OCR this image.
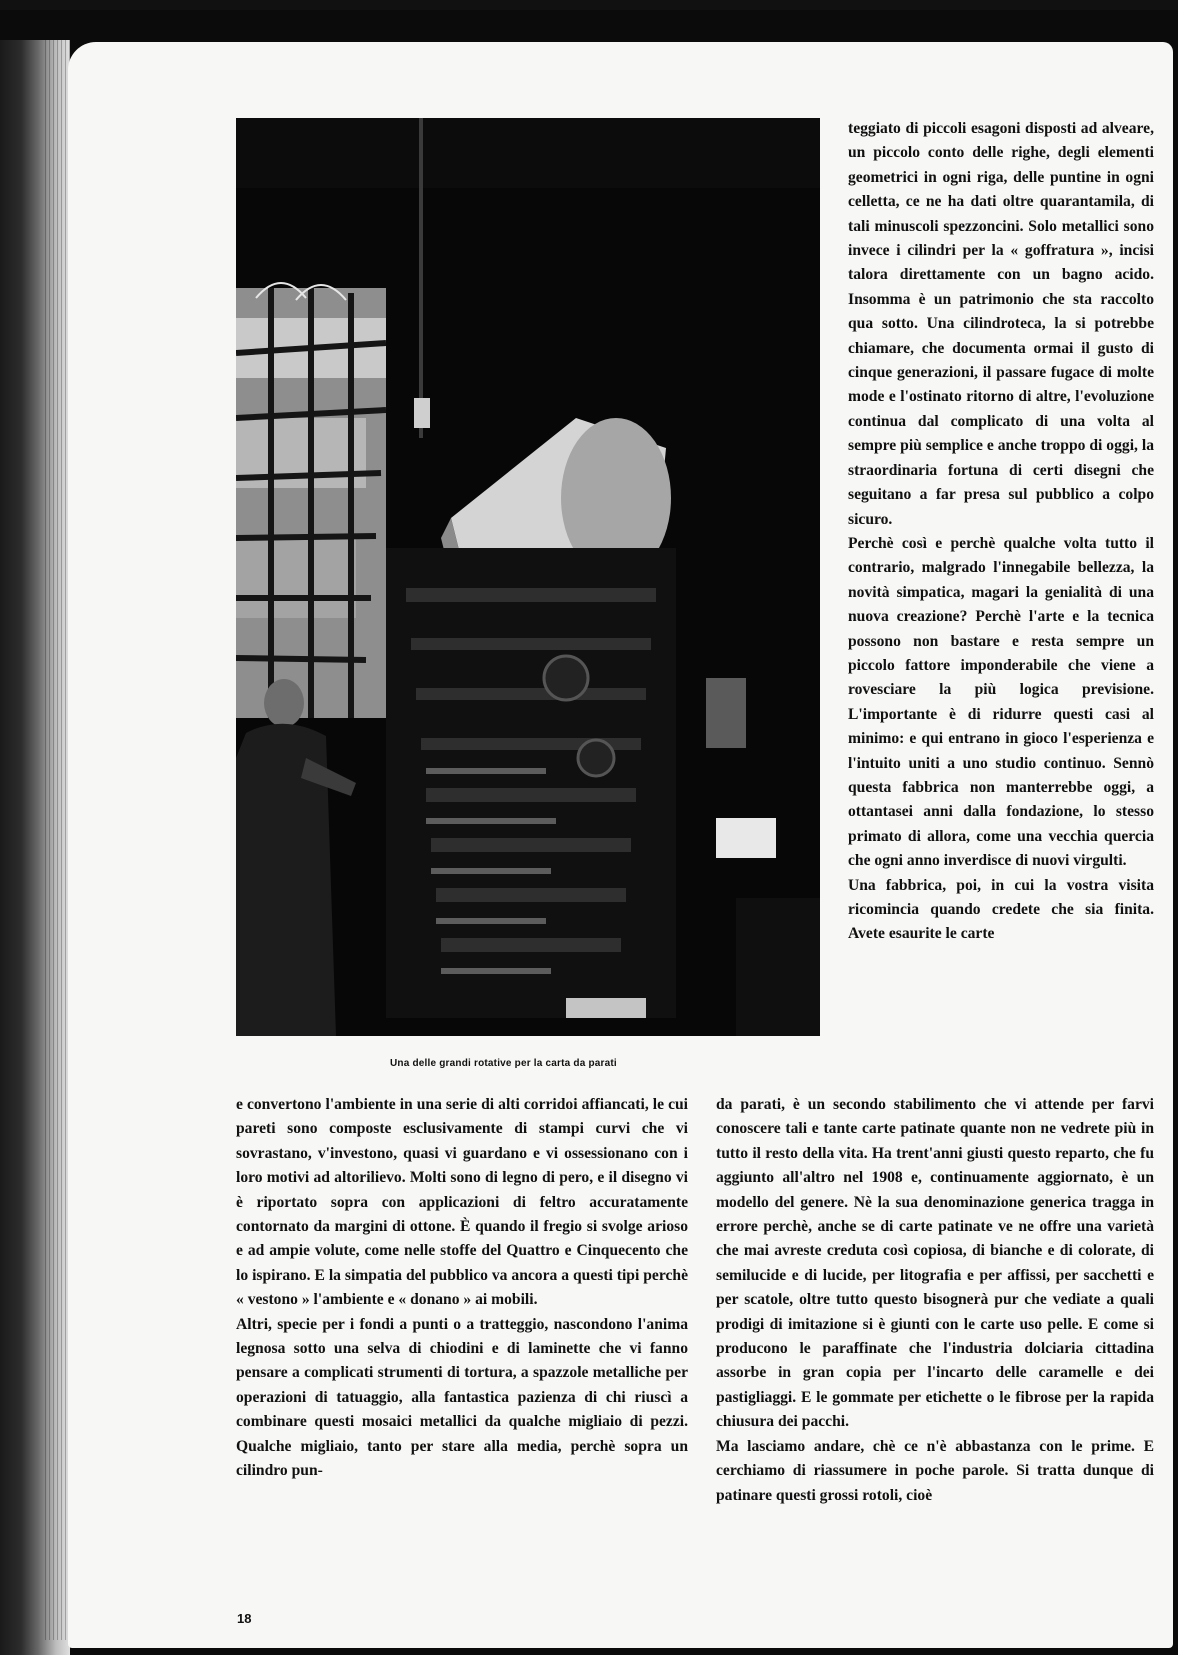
Una delle grandi rotative per la carta da parati

e convertono l'ambiente in una serie di alti corridoi affiancati, le cui pareti sono composte esclusivamente di stampi curvi che vi sovrastano, v'investono, quasi vi guardano e vi ossessionano con i loro motivi ad altorilievo. Molti sono di legno di pero, e il disegno vi è riportato sopra con applicazioni di feltro accuratamente contornato da margini di ottone. È quando il fregio si svolge arioso e ad ampie volute, come nelle stoffe del Quattro e Cinquecento che lo ispirano. E la simpatia del pubblico va ancora a questi tipi perchè « vestono » l'ambiente e « donano » ai mobili.

Altri, specie per i fondi a punti o a tratteggio, nascondono l'anima legnosa sotto una selva di chiodini e di laminette che vi fanno pensare a complicati strumenti di tortura, a spazzole metalliche per operazioni di tatuaggio, alla fantastica pazienza di chi riuscì a combinare questi mosaici metallici da qualche migliaio di pezzi. Qualche migliaio, tanto per stare alla media, perchè sopra un cilindro pun-

teggiato di piccoli esagoni disposti ad alveare, un piccolo conto delle righe, degli elementi geometrici in ogni riga, delle puntine in ogni celletta, ce ne ha dati oltre quarantamila, di tali minuscoli spezzoncini. Solo metallici sono invece i cilindri per la « goffratura », incisi talora direttamente con un bagno acido. Insomma è un patrimonio che sta raccolto qua sotto. Una cilindroteca, la si potrebbe chiamare, che documenta ormai il gusto di cinque generazioni, il passare fugace di molte mode e l'ostinato ritorno di altre, l'evoluzione continua dal complicato di una volta al sempre più semplice e anche troppo di oggi, la straordinaria fortuna di certi disegni che seguitano a far presa sul pubblico a colpo sicuro.

Perchè così e perchè qualche volta tutto il contrario, malgrado l'innegabile bellezza, la novità simpatica, magari la genialità di una nuova creazione? Perchè l'arte e la tecnica possono non bastare e resta sempre un piccolo fattore imponderabile che viene a rovesciare la più logica previsione. L'importante è di ridurre questi casi al minimo: e qui entrano in gioco l'esperienza e l'intuito uniti a uno studio continuo. Sennò questa fabbrica non manterrebbe oggi, a ottantasei anni dalla fondazione, lo stesso primato di allora, come una vecchia quercia che ogni anno inverdisce di nuovi virgulti.

Una fabbrica, poi, in cui la vostra visita ricomincia quando credete che sia finita. Avete esaurite le carte

da parati, è un secondo stabilimento che vi attende per farvi conoscere tali e tante carte patinate quante non ne vedrete più in tutto il resto della vita. Ha trent'anni giusti questo reparto, che fu aggiunto all'altro nel 1908 e, continuamente aggiornato, è un modello del genere. Nè la sua denominazione generica tragga in errore perchè, anche se di carte patinate ve ne offre una varietà che mai avreste creduta così copiosa, di bianche e di colorate, di semilucide e di lucide, per litografia e per affissi, per sacchetti e per scatole, oltre tutto questo bisognerà pur che vediate a quali prodigi di imitazione si è giunti con le carte uso pelle. E come si producono le paraffinate che l'industria dolciaria cittadina assorbe in gran copia per l'incarto delle caramelle e dei pastigliaggi. E le gommate per etichette o le fibrose per la rapida chiusura dei pacchi.

Ma lasciamo andare, chè ce n'è abbastanza con le prime. E cerchiamo di riassumere in poche parole. Si tratta dunque di patinare questi grossi rotoli, cioè

18
